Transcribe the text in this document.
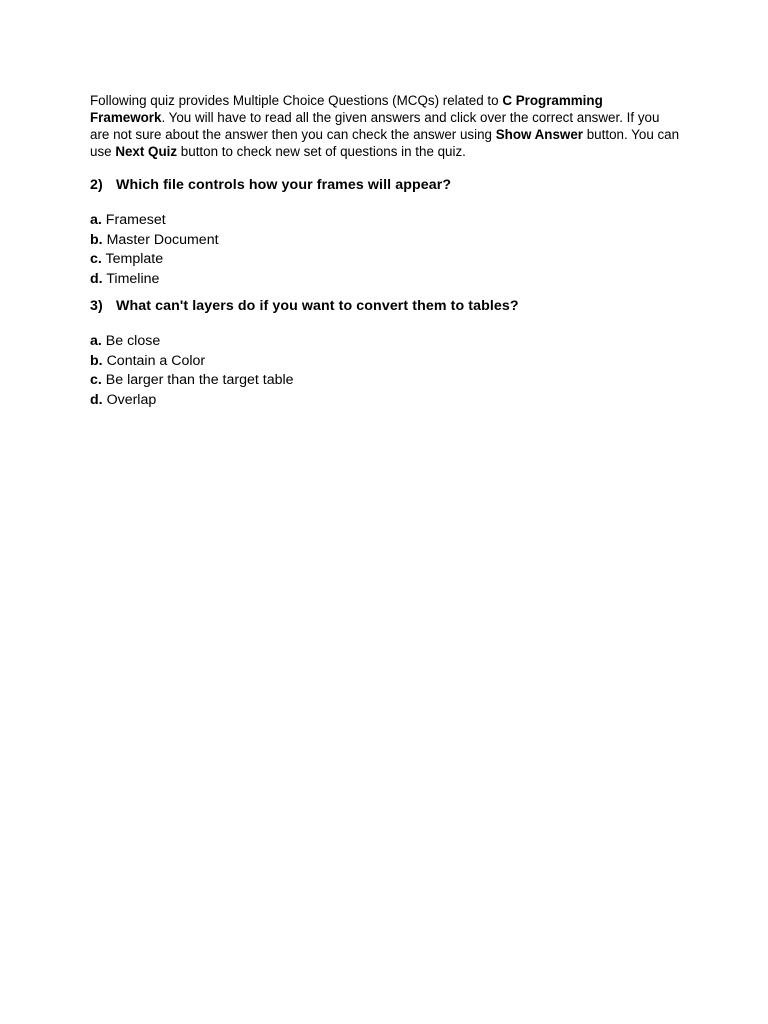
Following quiz provides Multiple Choice Questions (MCQs) related to C Programming Framework. You will have to read all the given answers and click over the correct answer. If you are not sure about the answer then you can check the answer using Show Answer button. You can use Next Quiz button to check new set of questions in the quiz.

2) Which file controls how your frames will appear?
a. Frameset
b. Master Document
c. Template
d. Timeline
3) What can't layers do if you want to convert them to tables?
a. Be close
b. Contain a Color
c. Be larger than the target table
d. Overlap
